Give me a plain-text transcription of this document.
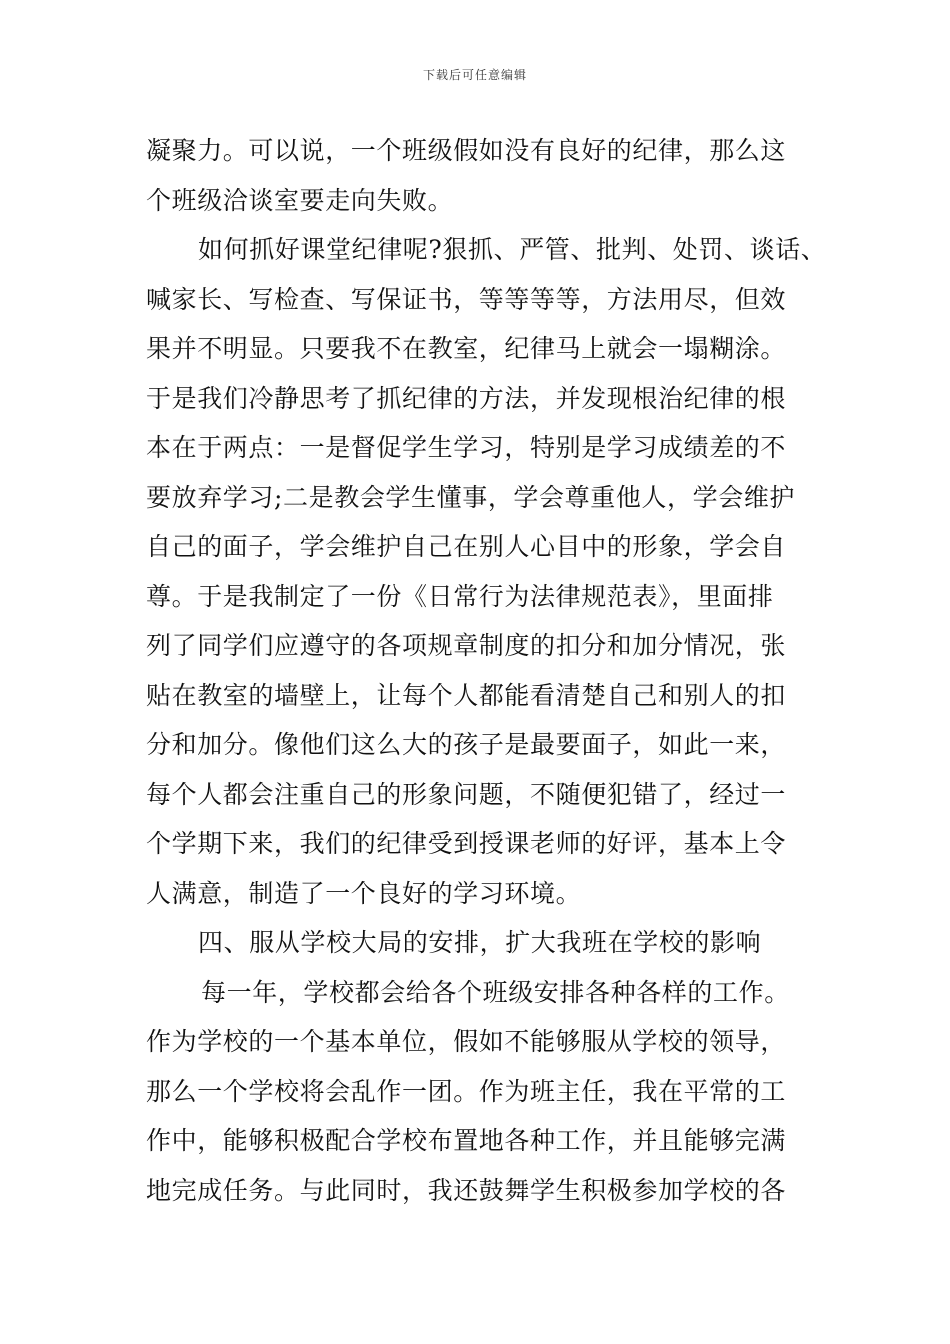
下载后可任意编辑
凝聚力。可以说，一个班级假如没有良好的纪律，那么这
个班级洽谈室要走向失败。
如何抓好课堂纪律呢?狠抓、严管、批判、处罚、谈话、
喊家长、写检查、写保证书，等等等等，方法用尽，但效
果并不明显。只要我不在教室，纪律马上就会一塌糊涂。
于是我们冷静思考了抓纪律的方法，并发现根治纪律的根
本在于两点：一是督促学生学习，特别是学习成绩差的不
要放弃学习;二是教会学生懂事，学会尊重他人，学会维护
自己的面子，学会维护自己在别人心目中的形象，学会自
尊。于是我制定了一份《日常行为法律规范表》，里面排
列了同学们应遵守的各项规章制度的扣分和加分情况，张
贴在教室的墙壁上，让每个人都能看清楚自己和别人的扣
分和加分。像他们这么大的孩子是最要面子，如此一来，
每个人都会注重自己的形象问题，不随便犯错了，经过一
个学期下来，我们的纪律受到授课老师的好评，基本上令
人满意，制造了一个良好的学习环境。
四、服从学校大局的安排，扩大我班在学校的影响
每一年，学校都会给各个班级安排各种各样的工作。
作为学校的一个基本单位，假如不能够服从学校的领导，
那么一个学校将会乱作一团。作为班主任，我在平常的工
作中，能够积极配合学校布置地各种工作，并且能够完满
地完成任务。与此同时，我还鼓舞学生积极参加学校的各
